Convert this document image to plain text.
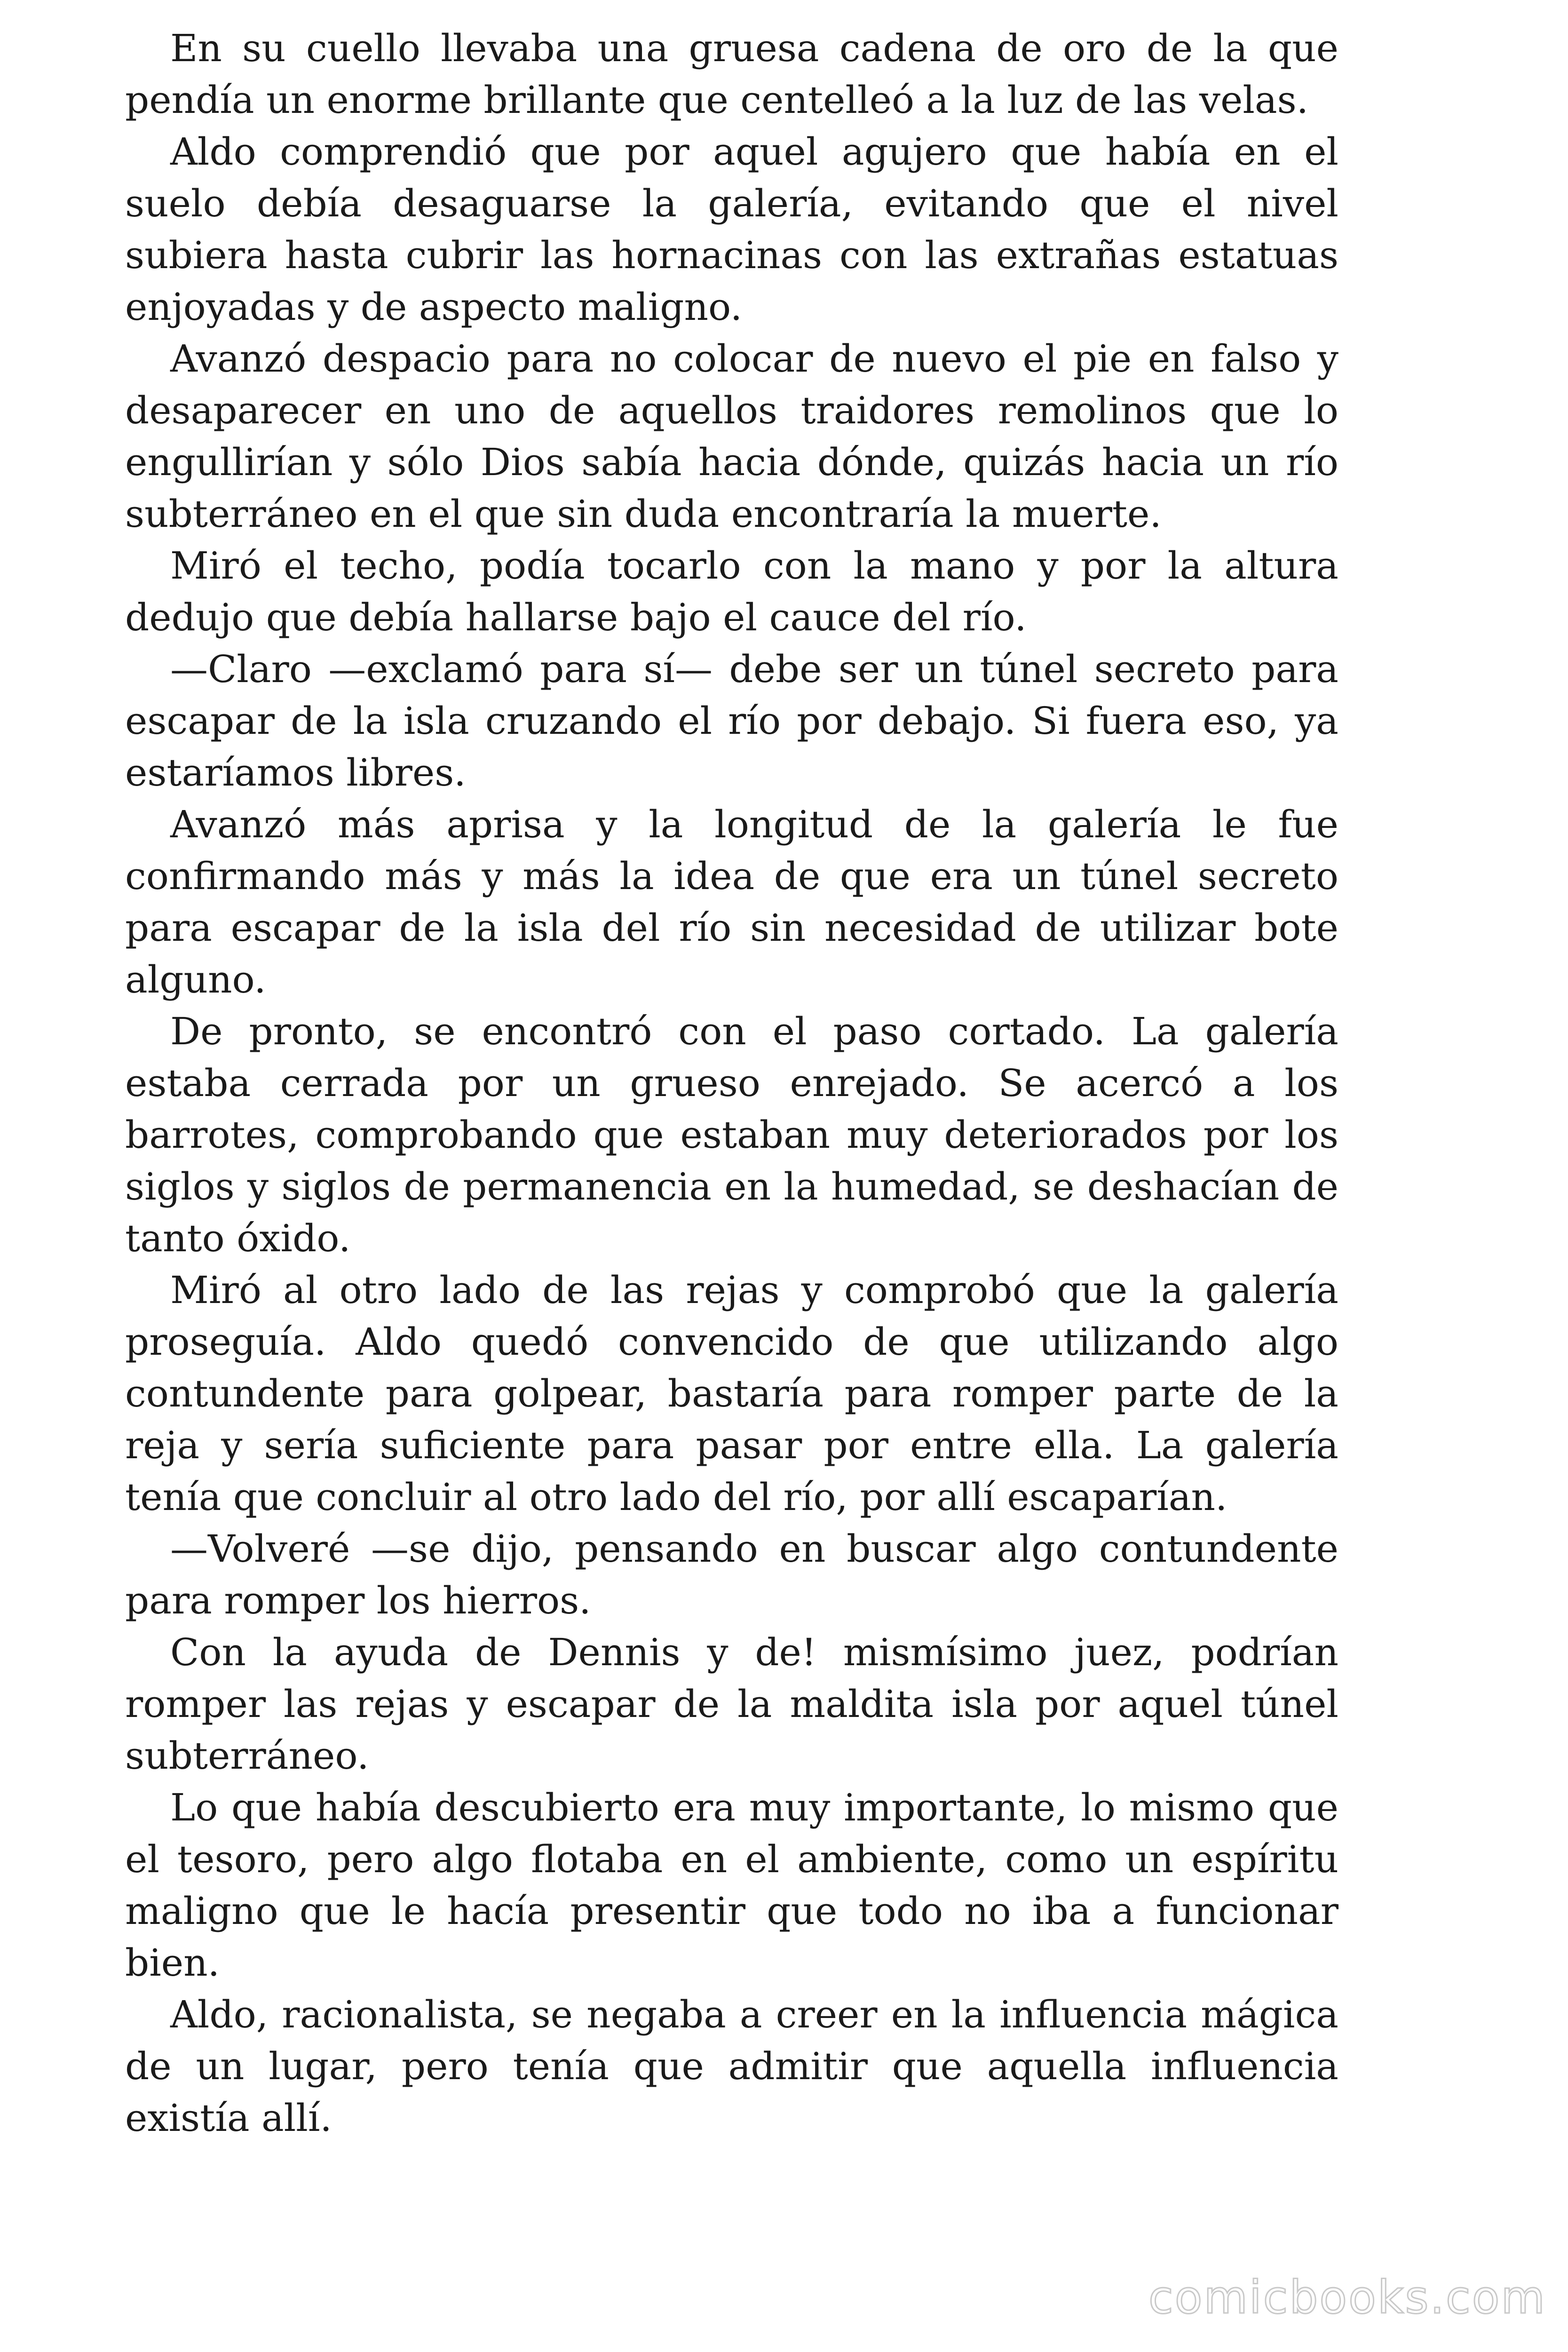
En su cuello llevaba una gruesa cadena de oro de la que pendía un enorme brillante que centelleó a la luz de las velas.

Aldo comprendió que por aquel agujero que había en el suelo debía desaguarse la galería, evitando que el nivel subiera hasta cubrir las hornacinas con las extrañas estatuas enjoyadas y de aspecto maligno.

Avanzó despacio para no colocar de nuevo el pie en falso y desaparecer en uno de aquellos traidores remolinos que lo engullirían y sólo Dios sabía hacia dónde, quizás hacia un río subterráneo en el que sin duda encontraría la muerte.

Miró el techo, podía tocarlo con la mano y por la altura dedujo que debía hallarse bajo el cauce del río.

—Claro —exclamó para sí— debe ser un túnel secreto para escapar de la isla cruzando el río por debajo. Si fuera eso, ya estaríamos libres.

Avanzó más aprisa y la longitud de la galería le fue confirmando más y más la idea de que era un túnel secreto para escapar de la isla del río sin necesidad de utilizar bote alguno.

De pronto, se encontró con el paso cortado. La galería estaba cerrada por un grueso enrejado. Se acercó a los barrotes, comprobando que estaban muy deteriorados por los siglos y siglos de permanencia en la humedad, se deshacían de tanto óxido.

Miró al otro lado de las rejas y comprobó que la galería proseguía. Aldo quedó convencido de que utilizando algo contundente para golpear, bastaría para romper parte de la reja y sería suficiente para pasar por entre ella. La galería tenía que concluir al otro lado del río, por allí escaparían.

—Volveré —se dijo, pensando en buscar algo contundente para romper los hierros.

Con la ayuda de Dennis y de! mismísimo juez, podrían romper las rejas y escapar de la maldita isla por aquel túnel subterráneo.

Lo que había descubierto era muy importante, lo mismo que el tesoro, pero algo flotaba en el ambiente, como un espíritu maligno que le hacía presentir que todo no iba a funcionar bien.

Aldo, racionalista, se negaba a creer en la influencia mágica de un lugar, pero tenía que admitir que aquella influencia existía allí.

comicbooks.com
